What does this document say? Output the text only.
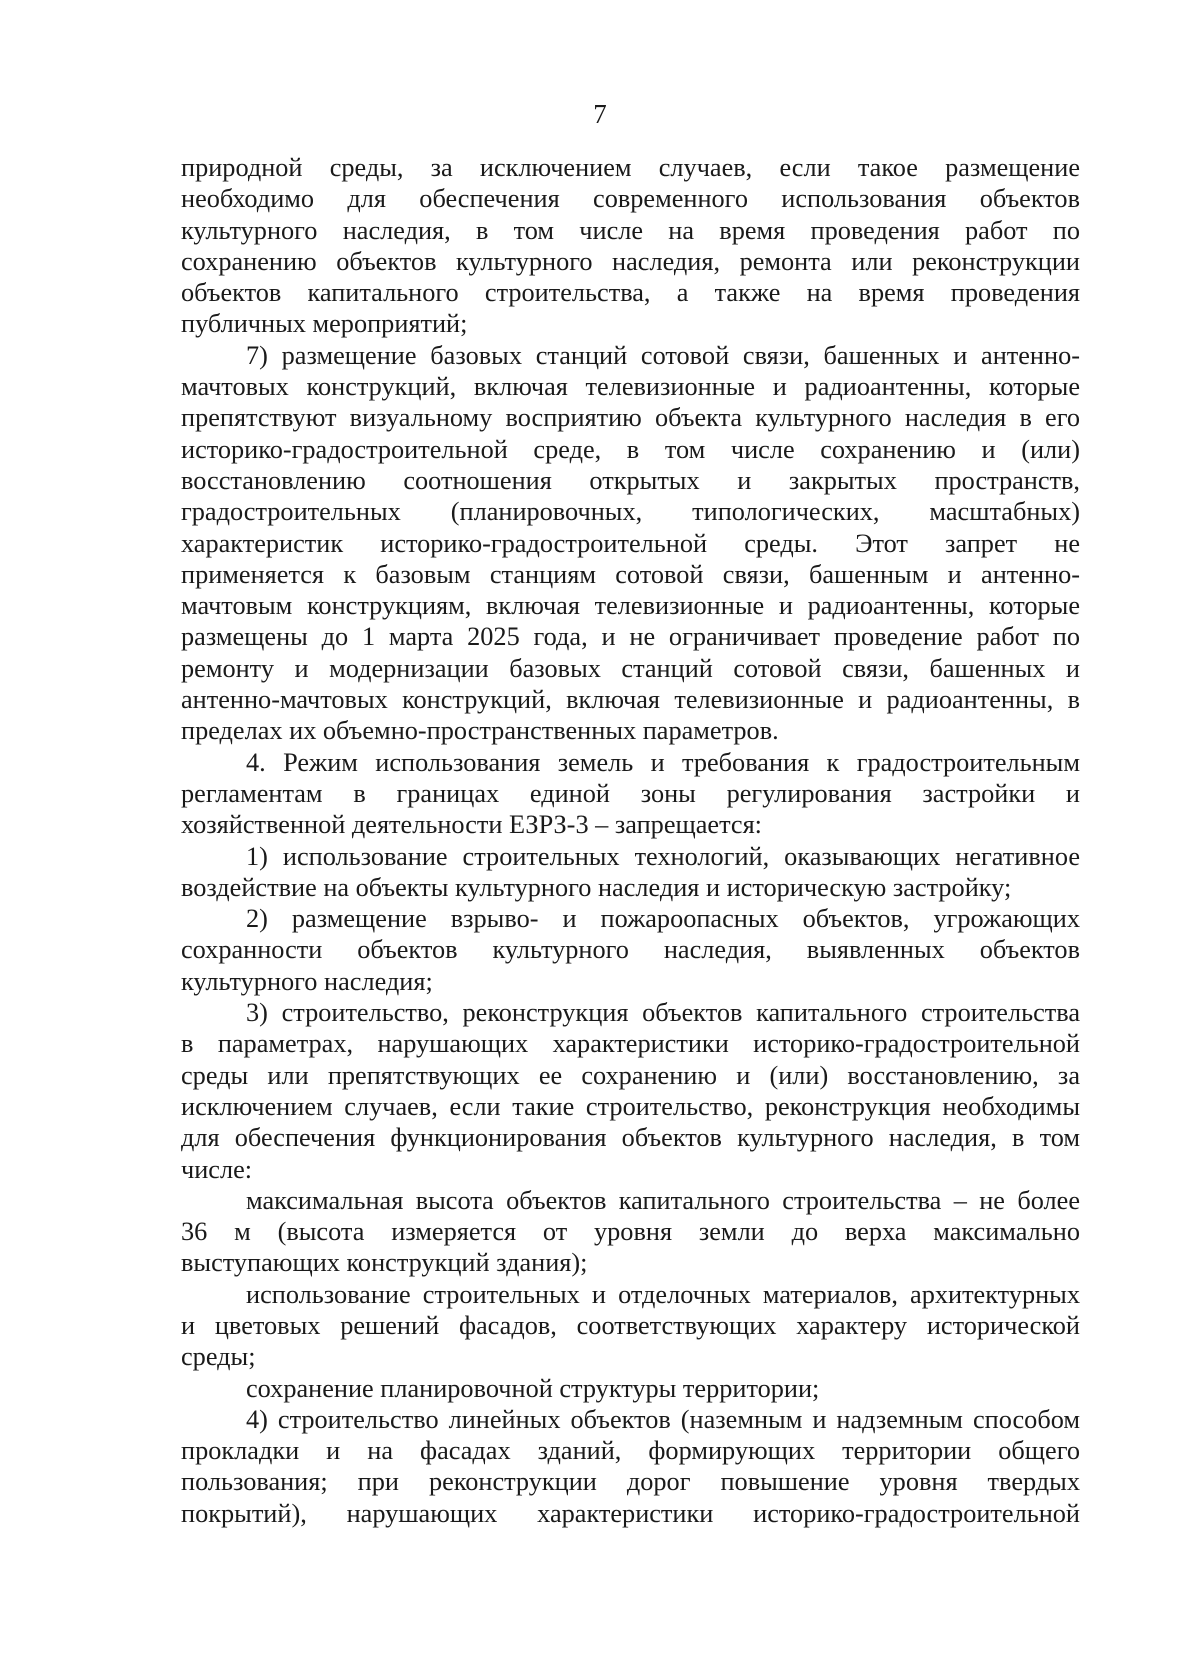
7
природной среды, за исключением случаев, если такое размещение
необходимо для обеспечения современного использования объектов
культурного наследия, в том числе на время проведения работ по
сохранению объектов культурного наследия, ремонта или реконструкции
объектов капитального строительства, а также на время проведения
публичных мероприятий;
7) размещение базовых станций сотовой связи, башенных и антенно-
мачтовых конструкций, включая телевизионные и радиоантенны, которые
препятствуют визуальному восприятию объекта культурного наследия в его
историко-градостроительной среде, в том числе сохранению и (или)
восстановлению соотношения открытых и закрытых пространств,
градостроительных (планировочных, типологических, масштабных)
характеристик историко-градостроительной среды. Этот запрет не
применяется к базовым станциям сотовой связи, башенным и антенно-
мачтовым конструкциям, включая телевизионные и радиоантенны, которые
размещены до 1 марта 2025 года, и не ограничивает проведение работ по
ремонту и модернизации базовых станций сотовой связи, башенных и
антенно-мачтовых конструкций, включая телевизионные и радиоантенны, в
пределах их объемно-пространственных параметров.
4. Режим использования земель и требования к градостроительным
регламентам в границах единой зоны регулирования застройки и
хозяйственной деятельности ЕЗРЗ-3 – запрещается:
1) использование строительных технологий, оказывающих негативное
воздействие на объекты культурного наследия и историческую застройку;
2) размещение взрыво- и пожароопасных объектов, угрожающих
сохранности объектов культурного наследия, выявленных объектов
культурного наследия;
3) строительство, реконструкция объектов капитального строительства
в параметрах, нарушающих характеристики историко-градостроительной
среды или препятствующих ее сохранению и (или) восстановлению, за
исключением случаев, если такие строительство, реконструкция необходимы
для обеспечения функционирования объектов культурного наследия, в том
числе:
максимальная высота объектов капитального строительства – не более
36 м (высота измеряется от уровня земли до верха максимально
выступающих конструкций здания);
использование строительных и отделочных материалов, архитектурных
и цветовых решений фасадов, соответствующих характеру исторической
среды;
сохранение планировочной структуры территории;
4) строительство линейных объектов (наземным и надземным способом
прокладки и на фасадах зданий, формирующих территории общего
пользования; при реконструкции дорог повышение уровня твердых
покрытий), нарушающих характеристики историко-градостроительной
